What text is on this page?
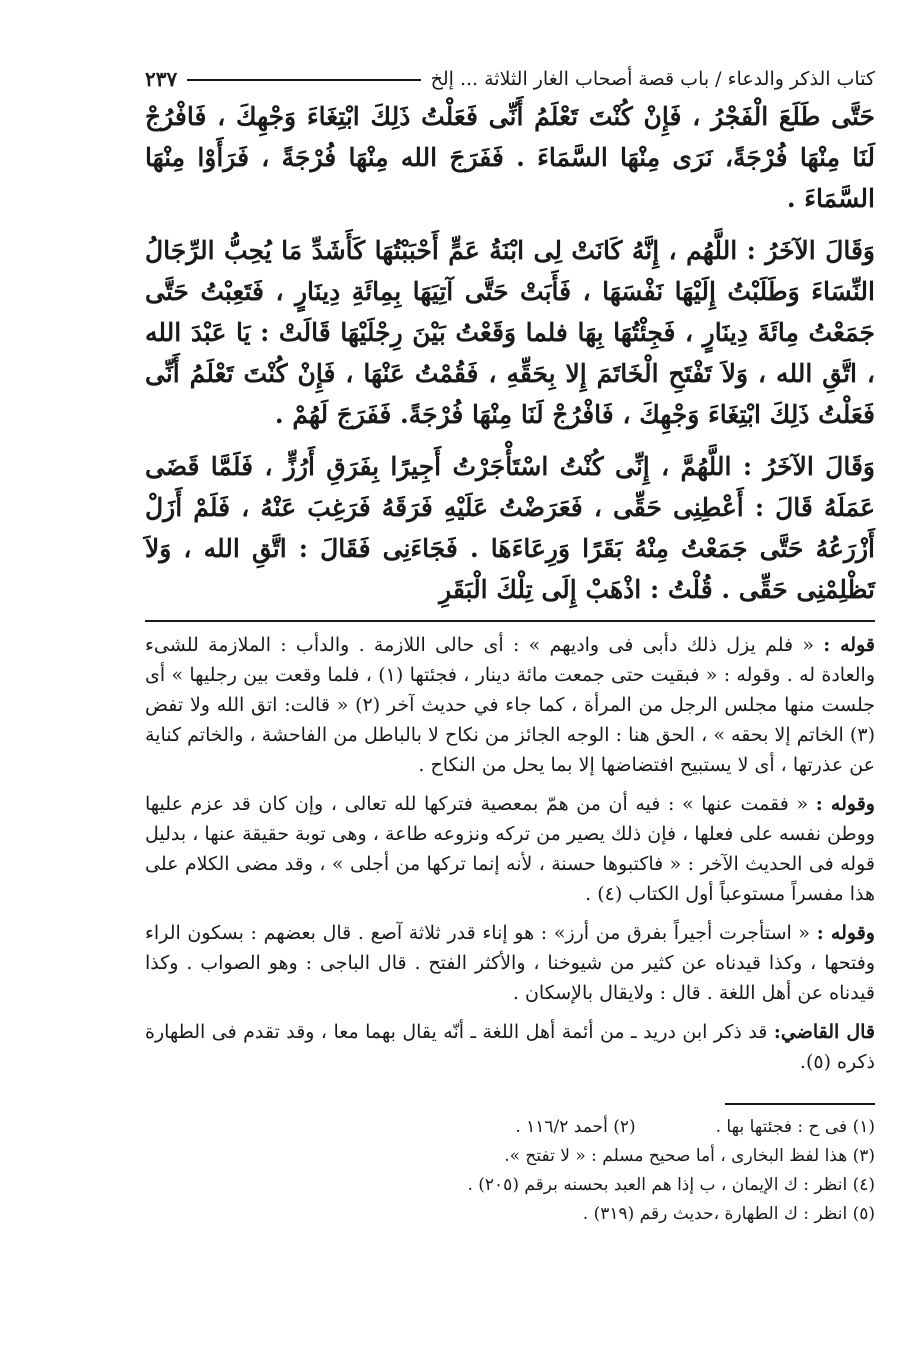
كتاب الذكر والدعاء / باب قصة أصحاب الغار الثلاثة ... إلخ
٢٣٧

حَتَّى طَلَعَ الْفَجْرُ ، فَإِنْ كُنْتَ تَعْلَمُ أَنِّى فَعَلْتُ ذَلِكَ ابْتِغَاءَ وَجْهِكَ ، فَافْرُجْ لَنَا مِنْهَا فُرْجَةً، نَرَى مِنْهَا السَّمَاءَ . فَفَرَجَ الله مِنْهَا فُرْجَةً ، فَرَأَوْا مِنْهَا السَّمَاءَ .

وَقَالَ الآخَرُ : اللَّهُم ، إِنَّهُ كَانَتْ لِى ابْنَةُ عَمٍّ أَحْبَبْتُهَا كَأَشَدِّ مَا يُحِبُّ الرِّجَالُ النِّسَاءَ وَطَلَبْتُ إِلَيْهَا نَفْسَهَا ، فَأَبَتْ حَتَّى آتِيَهَا بِمِائَةِ دِينَارٍ ، فَتَعِبْتُ حَتَّى جَمَعْتُ مِائَةَ دِينَارٍ ، فَجِئْتُهَا بِهَا فلما وَقَعْتُ بَيْنَ رِجْلَيْهَا قَالَتْ : يَا عَبْدَ الله ، اتَّقِ الله ، وَلاَ تَفْتَحِ الْخَاتَمَ إِلا بِحَقِّهِ ، فَقُمْتُ عَنْهَا ، فَإِنْ كُنْتَ تَعْلَمُ أَنِّى فَعَلْتُ ذَلِكَ ابْتِغَاءَ وَجْهِكَ ، فَافْرُجْ لَنَا مِنْهَا فُرْجَةً. فَفَرَجَ لَهُمْ .

وَقَالَ الآخَرُ : اللَّهُمَّ ، إِنِّى كُنْتُ اسْتَأْجَرْتُ أَجِيرًا بِفَرَقِ أَرُزٍّ ، فَلَمَّا قَضَى عَمَلَهُ قَالَ : أَعْطِنِى حَقِّى ، فَعَرَضْتُ عَلَيْهِ فَرَقَهُ فَرَغِبَ عَنْهُ ، فَلَمْ أَزَلْ أَزْرَعُهُ حَتَّى جَمَعْتُ مِنْهُ بَقَرًا وَرِعَاءَهَا . فَجَاءَنِى فَقَالَ : اتَّقِ الله ، وَلاَ تَظْلِمْنِى حَقِّى . قُلْتُ : اذْهَبْ إِلَى تِلْكَ الْبَقَرِ

قوله : « فلم يزل ذلك دأبى فى واديهم » : أى حالى اللازمة . والدأب : الملازمة للشىء والعادة له . وقوله : « فبقيت حتى جمعت مائة دينار ، فجئتها (١) ، فلما وقعت بين رجليها » أى جلست منها مجلس الرجل من المرأة ، كما جاء في حديث آخر (٢) « قالت: اتق الله ولا تفض (٣) الخاتم إلا بحقه » ، الحق هنا : الوجه الجائز من نكاح لا بالباطل من الفاحشة ، والخاتم كناية عن عذرتها ، أى لا يستبيح افتضاضها إلا بما يحل من النكاح .

وقوله : « فقمت عنها » : فيه أن من همّ بمعصية فتركها لله تعالى ، وإن كان قد عزم عليها ووطن نفسه على فعلها ، فإن ذلك يصير من تركه ونزوعه طاعة ، وهى توبة حقيقة عنها ، بدليل قوله فى الحديث الآخر : « فاكتبوها حسنة ، لأنه إنما تركها من أجلى » ، وقد مضى الكلام على هذا مفسراً مستوعباً أول الكتاب (٤) .

وقوله : « استأجرت أجيراً بفرق من أرز» : هو إناء قدر ثلاثة آصع . قال بعضهم : بسكون الراء وفتحها ، وكذا قيدناه عن كثير من شيوخنا ، والأكثر الفتح . قال الباجى : وهو الصواب . وكذا قيدناه عن أهل اللغة . قال : ولايقال بالإسكان .

قال القاضي: قد ذكر ابن دريد ـ من أئمة أهل اللغة ـ أنّه يقال بهما معا ، وقد تقدم فى الطهارة ذكره (٥).

(١) فى ح : فجئتها بها .
(٢) أحمد ١١٦/٢ .
(٣) هذا لفظ البخارى ، أما صحيح مسلم : « لا تفتح ».
(٤) انظر : ك الإيمان ، ب إذا هم العبد بحسنه برقم (٢٠٥) .
(٥) انظر : ك الطهارة ،حديث رقم (٣١٩) .
